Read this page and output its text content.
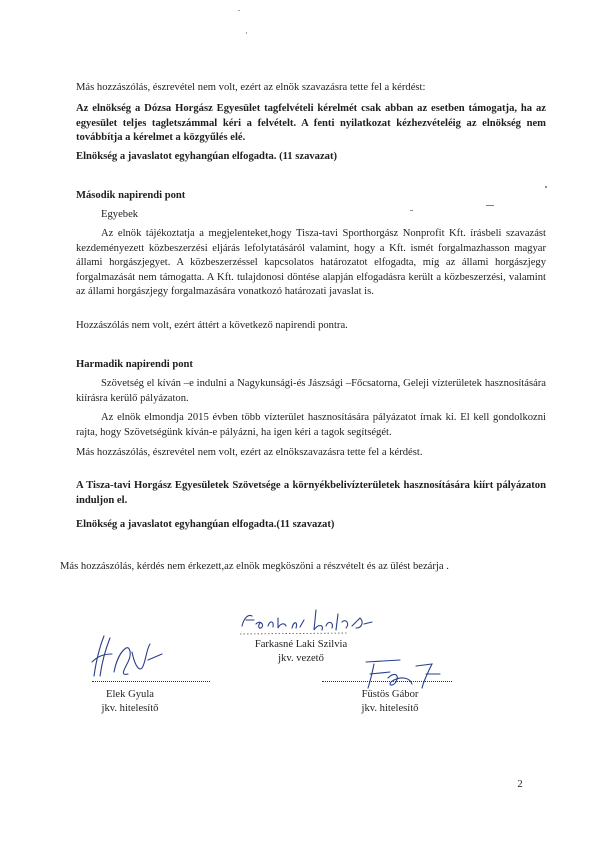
Más hozzászólás, észrevétel nem volt, ezért az elnök szavazásra tette fel a kérdést:

Az elnökség a Dózsa Horgász Egyesület tagfelvételi kérelmét csak abban az esetben támogatja, ha az egyesület teljes tagletszámmal kéri a felvételt. A fenti nyilatkozat kézhezvételéig az elnökség nem továbbítja a kérelmet a közgyűlés elé.

Elnökség a javaslatot egyhangúan elfogadta. (11 szavazat)

Második napirendi pont

Egyebek

Az elnök tájékoztatja a megjelenteket,hogy Tisza-tavi Sporthorgász Nonprofit Kft. írásbeli szavazást kezdeményezett közbeszerzési eljárás lefolytatásáról valamint, hogy a Kft. ismét forgalmazhasson magyar állami horgászjegyet. A közbeszerzéssel kapcsolatos határozatot elfogadta, míg az állami horgászjegy forgalmazását nem támogatta. A Kft. tulajdonosi döntése alapján elfogadásra került a közbeszerzési, valamint az állami horgászjegy forgalmazására vonatkozó határozati javaslat is.

Hozzászólás nem volt, ezért áttért a következő napirendi pontra.

Harmadik napirendi pont

Szövetség el kíván –e indulni a Nagykunsági-és Jászsági –Főcsatorna, Geleji vízterületek hasznosítására kiírásra kerülő pályázaton.

Az elnök elmondja 2015 évben több vízterület hasznosítására pályázatot írnak ki. El kell gondolkozni rajta, hogy Szövetségünk kíván-e pályázni, ha igen kéri a tagok segítségét.

Más hozzászólás, észrevétel nem volt, ezért az elnökszavazásra tette fel a kérdést.

A Tisza-tavi Horgász Egyesületek Szövetsége a környékbelivízterületek hasznosítására kiírt pályázaton induljon el.

Elnökség a javaslatot egyhangúan elfogadta.(11 szavazat)

Más hozzászólás, kérdés nem érkezett,az elnök megköszöni a részvételt és az ülést bezárja .

Farkasné Laki Szilvia

jkv. vezető

Elek Gyula

jkv. hitelesítő

Füstös Gábor

jkv. hitelesítő

2
